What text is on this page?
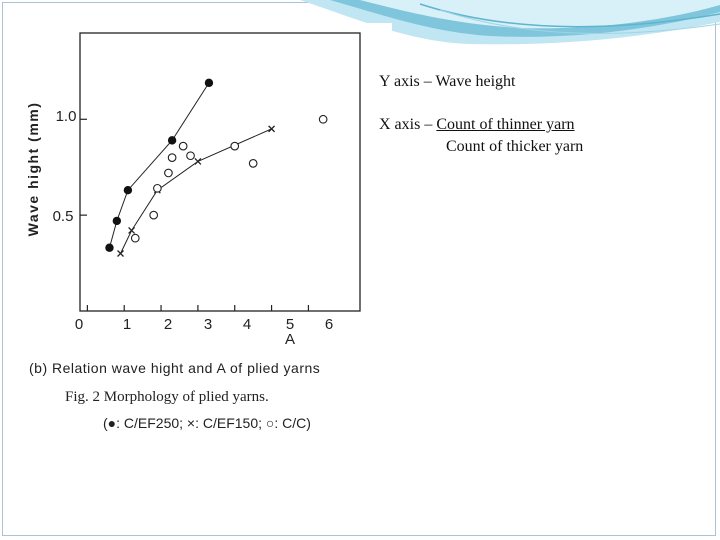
0	1 2 3 4 5 6
A
0.5
1.0
Wave hight (mm)
(b) Relation wave hight and A of plied yarns
Fig. 2 Morphology of plied yarns.
(●: C/EF250; ×: C/EF150; ○: C/C)
Y axis – Wave height
X axis – Count of thinner yarn
Count of thicker yarn
